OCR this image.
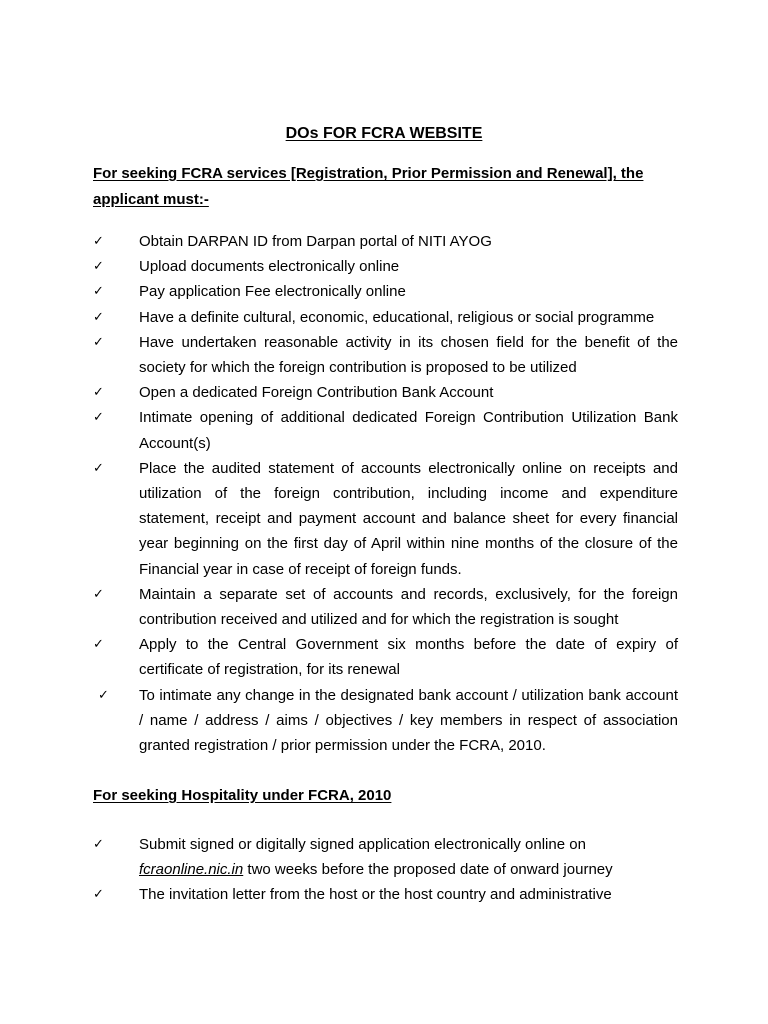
DOs FOR FCRA WEBSITE

For seeking FCRA services [Registration, Prior Permission and Renewal], the applicant must:-

✓ Obtain DARPAN ID from Darpan portal of NITI AYOG
✓ Upload documents electronically online
✓ Pay application Fee electronically online
✓ Have a definite cultural, economic, educational, religious or social programme
✓ Have undertaken reasonable activity in its chosen field for the benefit of the society for which the foreign contribution is proposed to be utilized
✓ Open a dedicated Foreign Contribution Bank Account
✓ Intimate opening of additional dedicated Foreign Contribution Utilization Bank Account(s)
✓ Place the audited statement of accounts electronically online on receipts and utilization of the foreign contribution, including income and expenditure statement, receipt and payment account and balance sheet for every financial year beginning on the first day of April within nine months of the closure of the Financial year in case of receipt of foreign funds.
✓ Maintain a separate set of accounts and records, exclusively, for the foreign contribution received and utilized and for which the registration is sought
✓ Apply to the Central Government six months before the date of expiry of certificate of registration, for its renewal
✓ To intimate any change in the designated bank account / utilization bank account / name / address / aims / objectives / key members in respect of association granted registration / prior permission under the FCRA, 2010.

For seeking Hospitality under FCRA, 2010

✓ Submit signed or digitally signed application electronically online on
fcraonline.nic.in two weeks before the proposed date of onward journey
✓ The invitation letter from the host or the host country and administrative
